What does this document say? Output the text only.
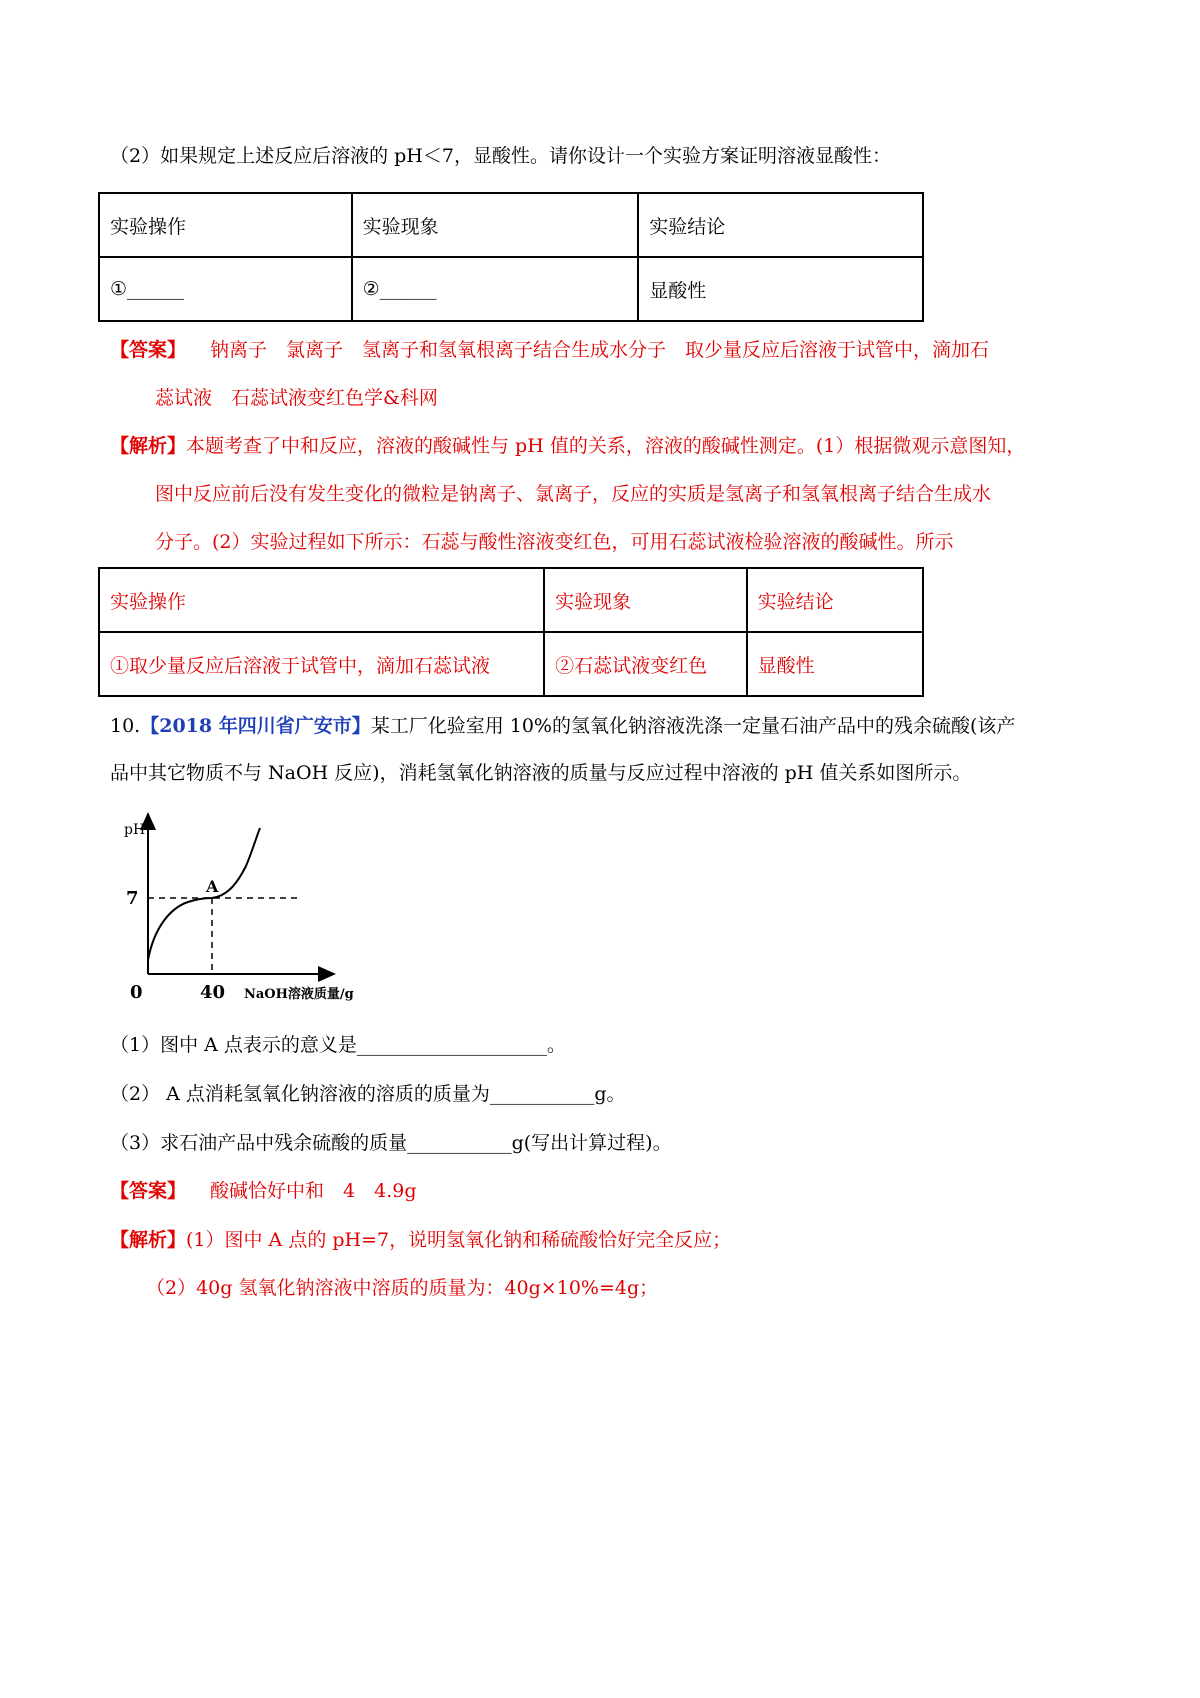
（2）如果规定上述反应后溶液的 pH＜7，显酸性。请你设计一个实验方案证明溶液显酸性：
实验操作	实验现象	实验结论
①______	②______	显酸性
【答案】 钠离子　氯离子　氢离子和氢氧根离子结合生成水分子　取少量反应后溶液于试管中，滴加石
蕊试液　石蕊试液变红色学&科网
【解析】本题考查了中和反应，溶液的酸碱性与 pH 值的关系，溶液的酸碱性测定。(1）根据微观示意图知，
图中反应前后没有发生变化的微粒是钠离子、氯离子，反应的实质是氢离子和氢氧根离子结合生成水
分子。(2）实验过程如下所示：石蕊与酸性溶液变红色，可用石蕊试液检验溶液的酸碱性。所示
实验操作	实验现象	实验结论
①取少量反应后溶液于试管中，滴加石蕊试液	②石蕊试液变红色	显酸性
10.【2018 年四川省广安市】某工厂化验室用 10%的氢氧化钠溶液洗涤一定量石油产品中的残余硫酸(该产
品中其它物质不与 NaOH 反应)，消耗氢氧化钠溶液的质量与反应过程中溶液的 pH 值关系如图所示。
pH
7
0	40 NaOH溶液质量/g
A
（1）图中 A 点表示的意义是____________________。
（2） A 点消耗氢氧化钠溶液的溶质的质量为___________g。
（3）求石油产品中残余硫酸的质量___________g(写出计算过程)。
【答案】 酸碱恰好中和　4　4.9g
【解析】(1）图中 A 点的 pH=7，说明氢氧化钠和稀硫酸恰好完全反应；
（2）40g 氢氧化钠溶液中溶质的质量为：40g×10%=4g；
